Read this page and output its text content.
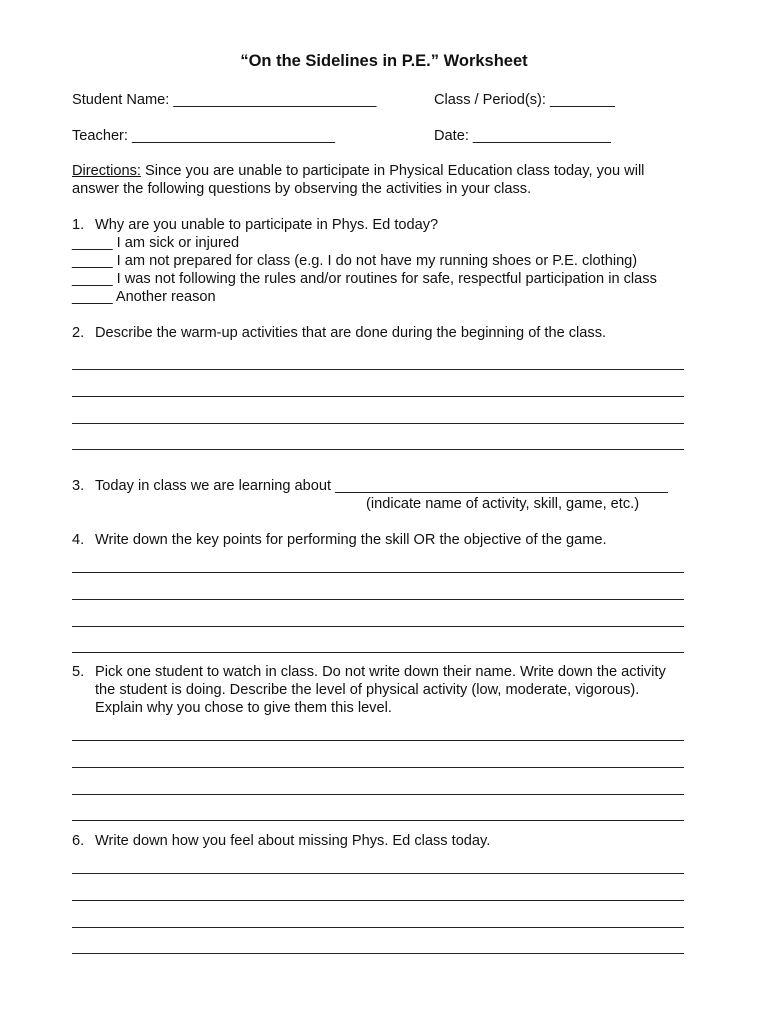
“On the Sidelines in P.E.” Worksheet
Student Name: _________________________	Class / Period(s): ________
Teacher: _________________________	Date: _________________
Directions: Since you are unable to participate in Physical Education class today, you will
answer the following questions by observing the activities in your class.
1. Why are you unable to participate in Phys. Ed today?
_____ I am sick or injured
_____ I am not prepared for class (e.g. I do not have my running shoes or P.E. clothing)
_____ I was not following the rules and/or routines for safe, respectful participation in class
_____ Another reason
2. Describe the warm-up activities that are done during the beginning of the class.
3. Today in class we are learning about _________________________________________
(indicate name of activity, skill, game, etc.)
4. Write down the key points for performing the skill OR the objective of the game.
5. Pick one student to watch in class. Do not write down their name. Write down the activity
the student is doing. Describe the level of physical activity (low, moderate, vigorous).
Explain why you chose to give them this level.
6. Write down how you feel about missing Phys. Ed class today.
